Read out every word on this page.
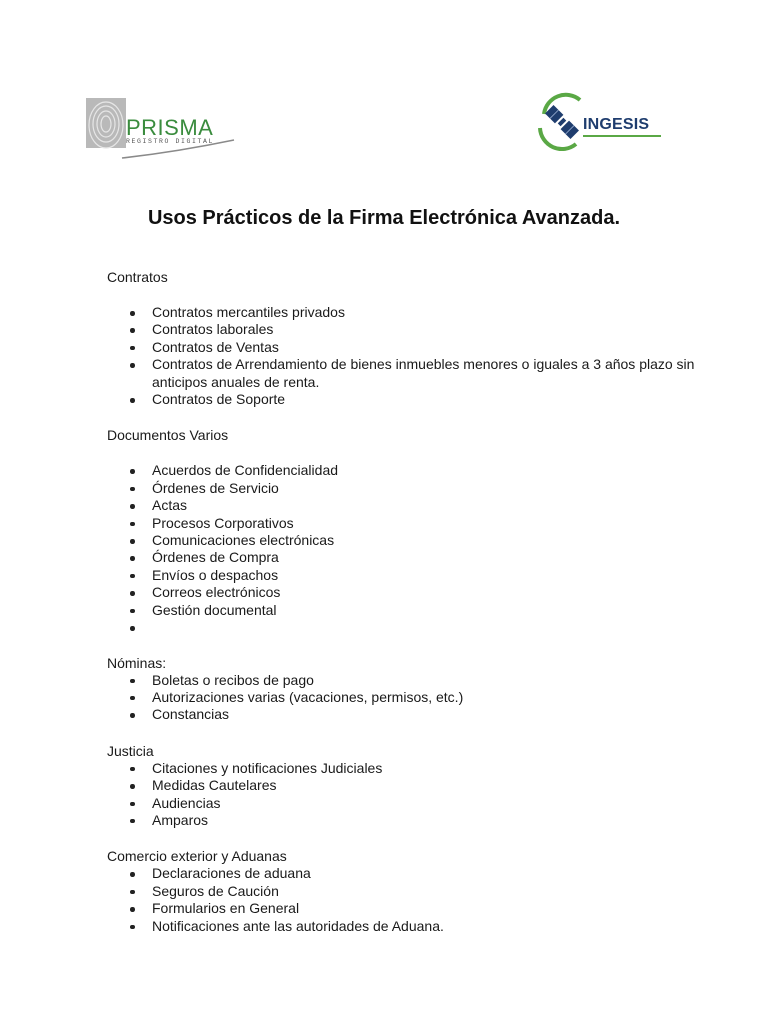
PRISMA
REGISTRO DIGITAL
INGESIS
Usos Prácticos de la Firma Electrónica Avanzada.
Contratos
Contratos mercantiles privados
Contratos laborales
Contratos de Ventas
Contratos de Arrendamiento de bienes inmuebles menores o iguales a 3 años plazo sin anticipos anuales de renta.
Contratos de Soporte
Documentos Varios
Acuerdos de Confidencialidad
Órdenes de Servicio
Actas
Procesos Corporativos
Comunicaciones electrónicas
Órdenes de Compra
Envíos o despachos
Correos electrónicos
Gestión documental

Nóminas:
Boletas o recibos de pago
Autorizaciones varias (vacaciones, permisos, etc.)
Constancias
Justicia
Citaciones y notificaciones Judiciales
Medidas Cautelares
Audiencias
Amparos
Comercio exterior y Aduanas
Declaraciones de aduana
Seguros de Caución
Formularios en General
Notificaciones ante las autoridades de Aduana.
